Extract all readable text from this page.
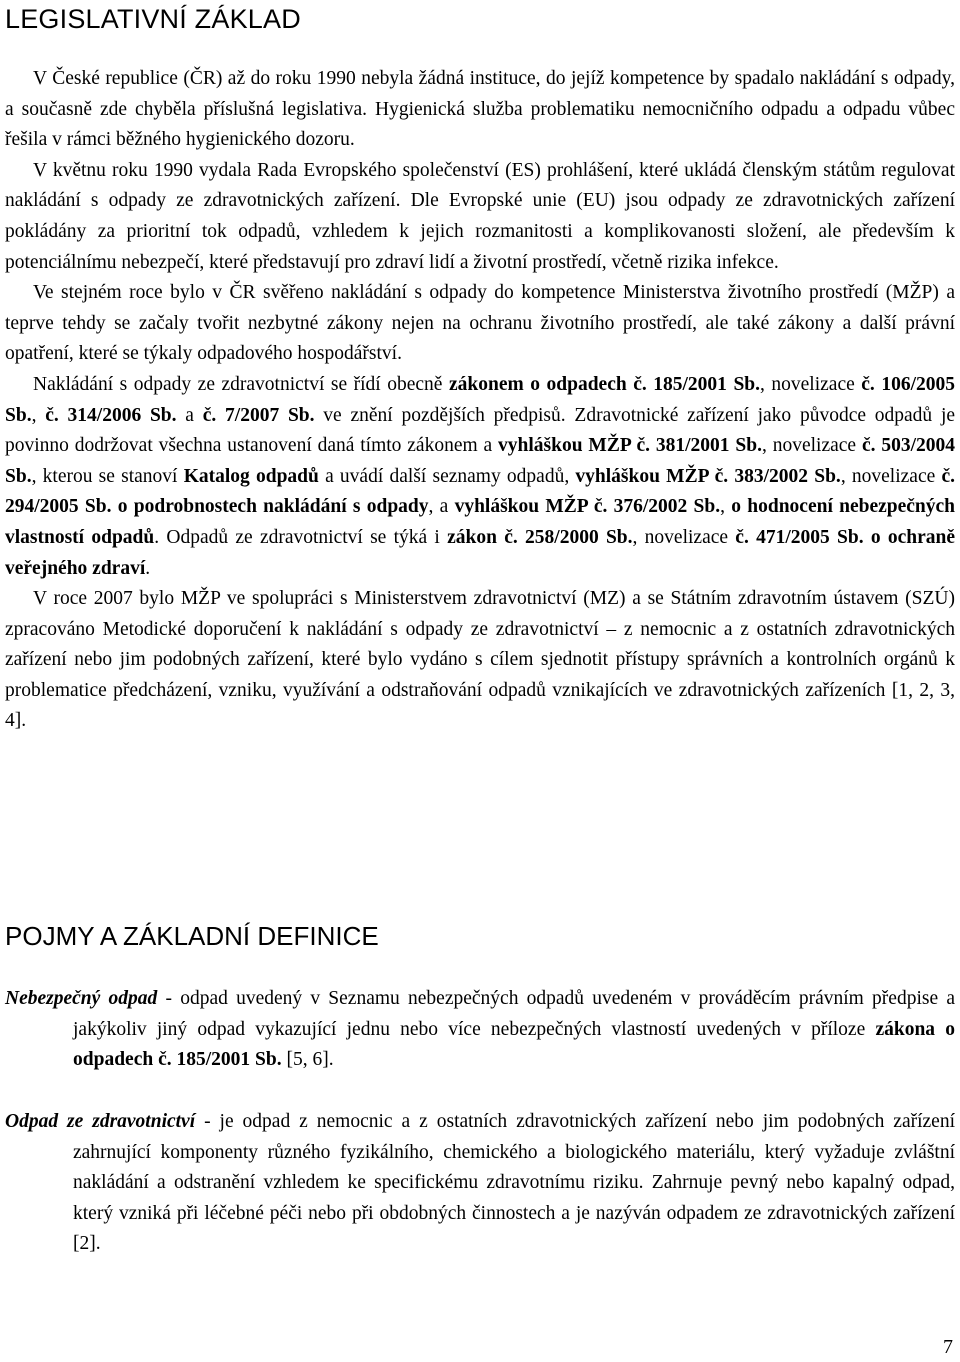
LEGISLATIVNÍ ZÁKLAD

V České republice (ČR) až do roku 1990 nebyla žádná instituce, do jejíž kompetence by spadalo nakládání s odpady, a současně zde chyběla příslušná legislativa. Hygienická služba problematiku nemocničního odpadu a odpadu vůbec řešila v rámci běžného hygienického dozoru.

V květnu roku 1990 vydala Rada Evropského společenství (ES) prohlášení, které ukládá členským státům regulovat nakládání s odpady ze zdravotnických zařízení. Dle Evropské unie (EU) jsou odpady ze zdravotnických zařízení pokládány za prioritní tok odpadů, vzhledem k jejich rozmanitosti a komplikovanosti složení, ale především k potenciálnímu nebezpečí, které představují pro zdraví lidí a životní prostředí, včetně rizika infekce.

Ve stejném roce bylo v ČR svěřeno nakládání s odpady do kompetence Ministerstva životního prostředí (MŽP) a teprve tehdy se začaly tvořit nezbytné zákony nejen na ochranu životního prostředí, ale také zákony a další právní opatření, které se týkaly odpadového hospodářství.

Nakládání s odpady ze zdravotnictví se řídí obecně zákonem o odpadech č. 185/2001 Sb., novelizace č. 106/2005 Sb., č. 314/2006 Sb. a č. 7/2007 Sb. ve znění pozdějších předpisů. Zdravotnické zařízení jako původce odpadů je povinno dodržovat všechna ustanovení daná tímto zákonem a vyhláškou MŽP č. 381/2001 Sb., novelizace č. 503/2004 Sb., kterou se stanoví Katalog odpadů a uvádí další seznamy odpadů, vyhláškou MŽP č. 383/2002 Sb., novelizace č. 294/2005 Sb. o podrobnostech nakládání s odpady, a vyhláškou MŽP č. 376/2002 Sb., o hodnocení nebezpečných vlastností odpadů. Odpadů ze zdravotnictví se týká i zákon č. 258/2000 Sb., novelizace č. 471/2005 Sb. o ochraně veřejného zdraví.

V roce 2007 bylo MŽP ve spolupráci s Ministerstvem zdravotnictví (MZ) a se Státním zdravotním ústavem (SZÚ) zpracováno Metodické doporučení k nakládání s odpady ze zdravotnictví – z nemocnic a z ostatních zdravotnických zařízení nebo jim podobných zařízení, které bylo vydáno s cílem sjednotit přístupy správních a kontrolních orgánů k problematice předcházení, vzniku, využívání a odstraňování odpadů vznikajících ve zdravotnických zařízeních [1, 2, 3, 4].

POJMY A ZÁKLADNÍ DEFINICE

Nebezpečný odpad - odpad uvedený v Seznamu nebezpečných odpadů uvedeném v prováděcím právním předpise a jakýkoliv jiný odpad vykazující jednu nebo více nebezpečných vlastností uvedených v příloze zákona o odpadech č. 185/2001 Sb. [5, 6].

Odpad ze zdravotnictví - je odpad z nemocnic a z ostatních zdravotnických zařízení nebo jim podobných zařízení zahrnující komponenty různého fyzikálního, chemického a biologického materiálu, který vyžaduje zvláštní nakládání a odstranění vzhledem ke specifickému zdravotnímu riziku. Zahrnuje pevný nebo kapalný odpad, který vzniká při léčebné péči nebo při obdobných činnostech a je nazýván odpadem ze zdravotnických zařízení [2].

7
